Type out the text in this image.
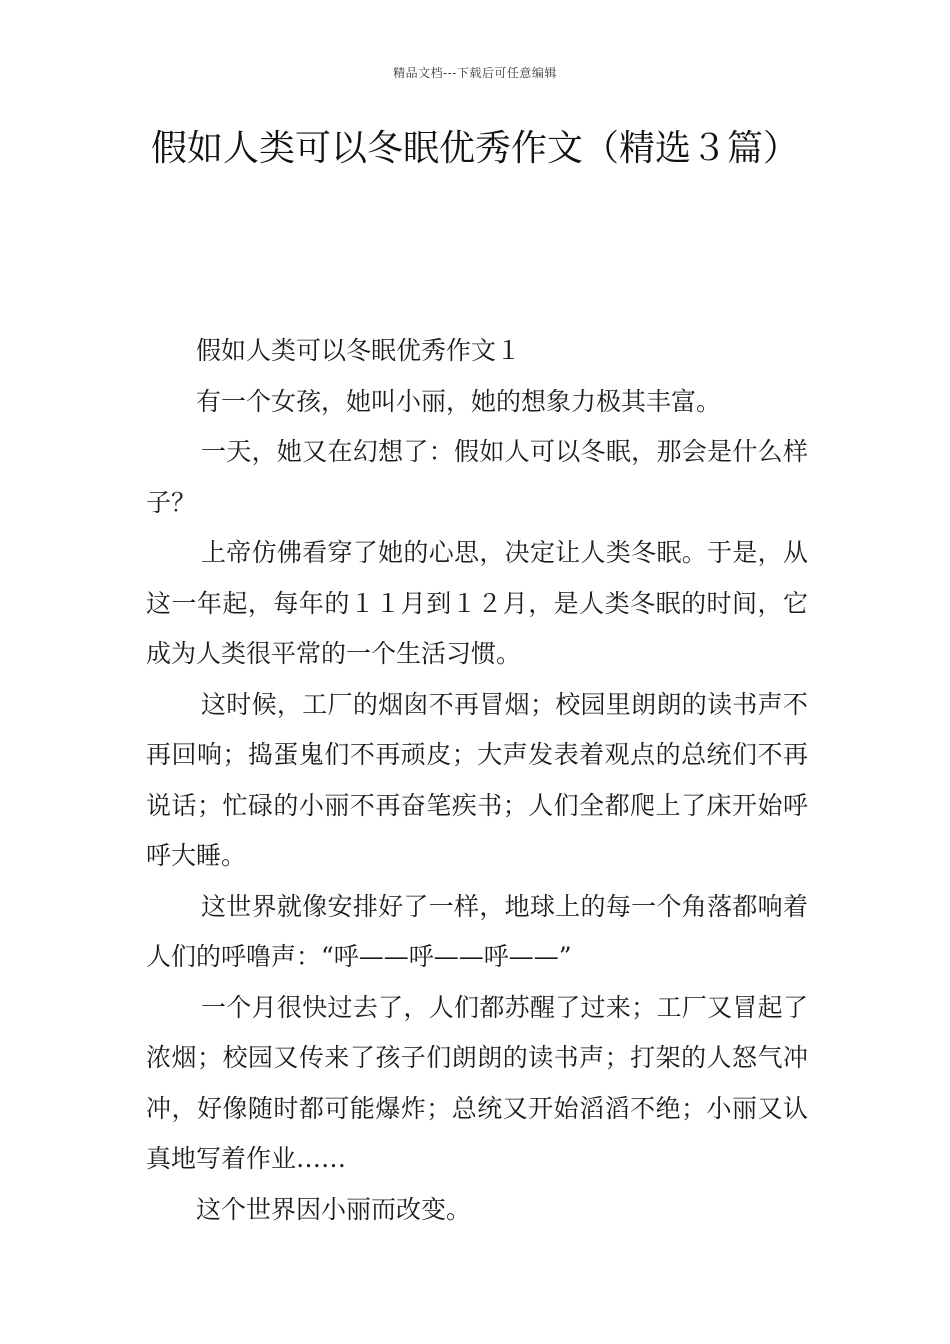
精品文档---下载后可任意编辑
假如人类可以冬眠优秀作文（精选３篇）

假如人类可以冬眠优秀作文１

有一个女孩，她叫小丽，她的想象力极其丰富。

一天，她又在幻想了：假如人可以冬眠，那会是什么样子？

上帝仿佛看穿了她的心思，决定让人类冬眠。于是，从这一年起，每年的１１月到１２月，是人类冬眠的时间，它成为人类很平常的一个生活习惯。

这时候，工厂的烟囱不再冒烟；校园里朗朗的读书声不再回响；捣蛋鬼们不再顽皮；大声发表着观点的总统们不再说话；忙碌的小丽不再奋笔疾书；人们全都爬上了床开始呼呼大睡。

这世界就像安排好了一样，地球上的每一个角落都响着人们的呼噜声：“呼——呼——呼——”

一个月很快过去了，人们都苏醒了过来；工厂又冒起了浓烟；校园又传来了孩子们朗朗的读书声；打架的人怒气冲冲，好像随时都可能爆炸；总统又开始滔滔不绝；小丽又认真地写着作业……

这个世界因小丽而改变。
